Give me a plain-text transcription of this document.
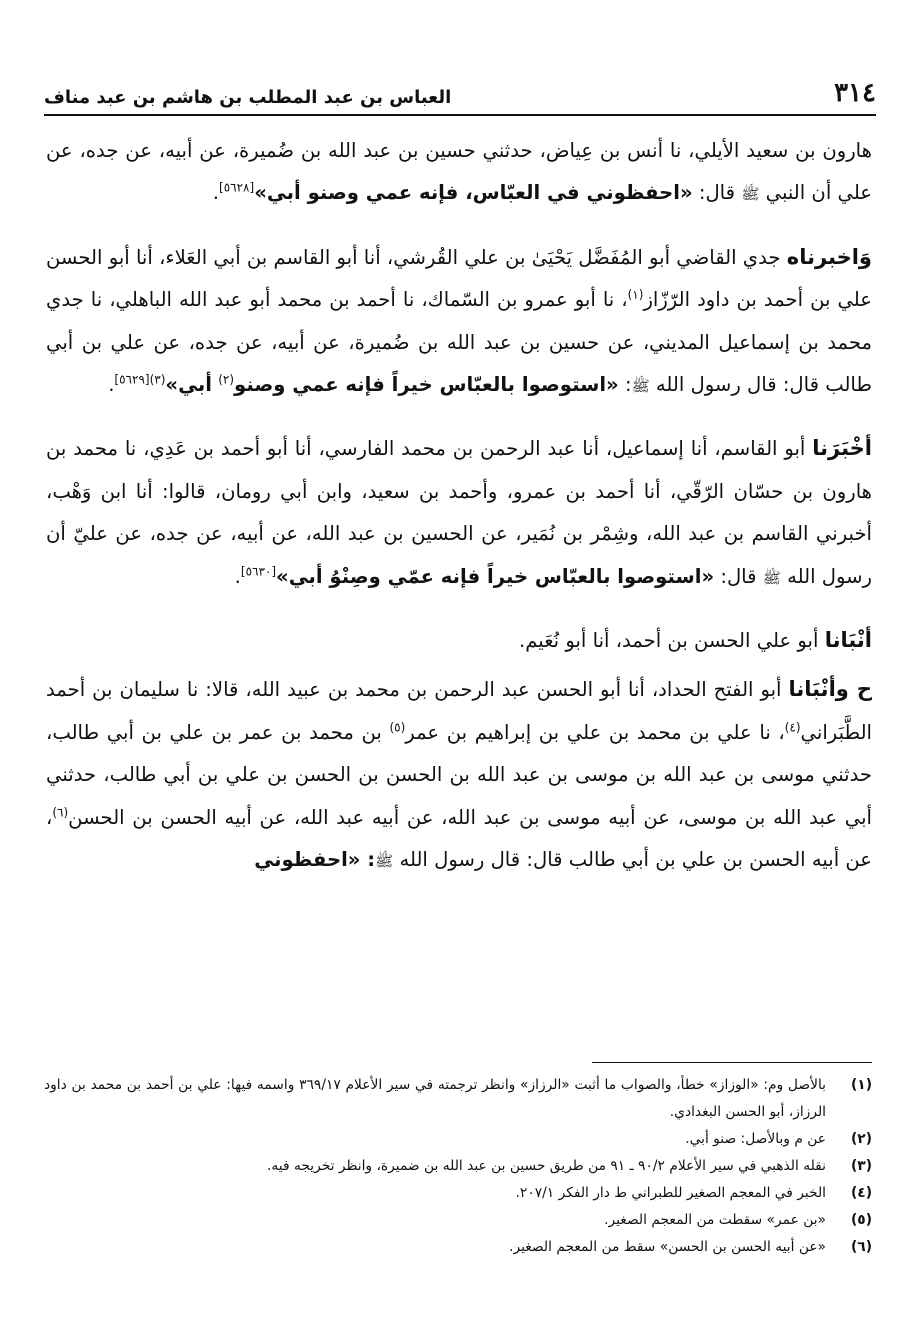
٣١٤
العباس بن عبد المطلب بن هاشم بن عبد مناف

هارون بن سعيد الأيلي، نا أنس بن عِياض، حدثني حسين بن عبد الله بن ضُميرة، عن أبيه، عن جده، عن علي أن النبي ﷺ قال: «احفظوني في العبّاس، فإنه عمي وصنو أبي»[٥٦٢٨].

وَاخبرناه جدي القاضي أبو المُفَضَّل يَحْيَىٰ بن علي القُرشي، أنا أبو القاسم بن أبي العَلاء، أنا أبو الحسن علي بن أحمد بن داود الرّزّاز$^{(١)}$، نا أبو عمرو بن السّماك، نا أحمد بن محمد أبو عبد الله الباهلي، نا جدي محمد بن إسماعيل المديني، عن حسين بن عبد الله بن ضُميرة، عن أبيه، عن جده، عن علي بن أبي طالب قال: قال رسول الله ﷺ: «استوصوا بالعبّاس خيراً فإنه عمي وصنو$^{(٢)}$ أبي»$^{(٣)[٥٦٢٩]}$.

أخْبَرَنا أبو القاسم، أنا إسماعيل، أنا عبد الرحمن بن محمد الفارسي، أنا أبو أحمد بن عَدِي، نا محمد بن هارون بن حسّان الرّقّي، أنا أحمد بن عمرو، وأحمد بن سعيد، وابن أبي رومان، قالوا: أنا ابن وَهْب، أخبرني القاسم بن عبد الله، وشِمْر بن نُمَير، عن الحسين بن عبد الله، عن أبيه، عن جده، عن عليّ أن رسول الله ﷺ قال: «استوصوا بالعبّاس خيراً فإنه عمّي وصِنْوُ أبي»[٥٦٣٠].

أنْبَانا أبو علي الحسن بن أحمد، أنا أبو نُعَيم.

ح وأنْبَانا أبو الفتح الحداد، أنا أبو الحسن عبد الرحمن بن محمد بن عبيد الله، قالا: نا سليمان بن أحمد الطَّبَراني$^{(٤)}$، نا علي بن محمد بن علي بن إبراهيم بن عمر$^{(٥)}$ بن محمد بن عمر بن علي بن أبي طالب، حدثني موسى بن عبد الله بن موسى بن عبد الله بن الحسن بن الحسن بن علي بن أبي طالب، حدثني أبي عبد الله بن موسى، عن أبيه موسى بن عبد الله، عن أبيه عبد الله، عن أبيه الحسن بن الحسن$^{(٦)}$، عن أبيه الحسن بن علي بن أبي طالب قال: قال رسول الله ﷺ: «احفظوني

(١)
بالأصل وم: «الوزاز» خطأ، والصواب ما أثبت «الرزاز» وانظر ترجمته في سير الأعلام ٣٦٩/١٧ واسمه فيها: علي بن أحمد بن محمد بن داود الرزاز، أبو الحسن البغدادي.
(٢)
عن م وبالأصل: صنو أبي.
(٣)
نقله الذهبي في سير الأعلام ٩٠/٢ ـ ٩١ من طريق حسين بن عبد الله بن ضميرة، وانظر تخريجه فيه.
(٤)
الخبر في المعجم الصغير للطبراني ط دار الفكر ٢٠٧/١.
(٥)
«بن عمر» سقطت من المعجم الصغير.
(٦)
«عن أبيه الحسن بن الحسن» سقط من المعجم الصغير.
